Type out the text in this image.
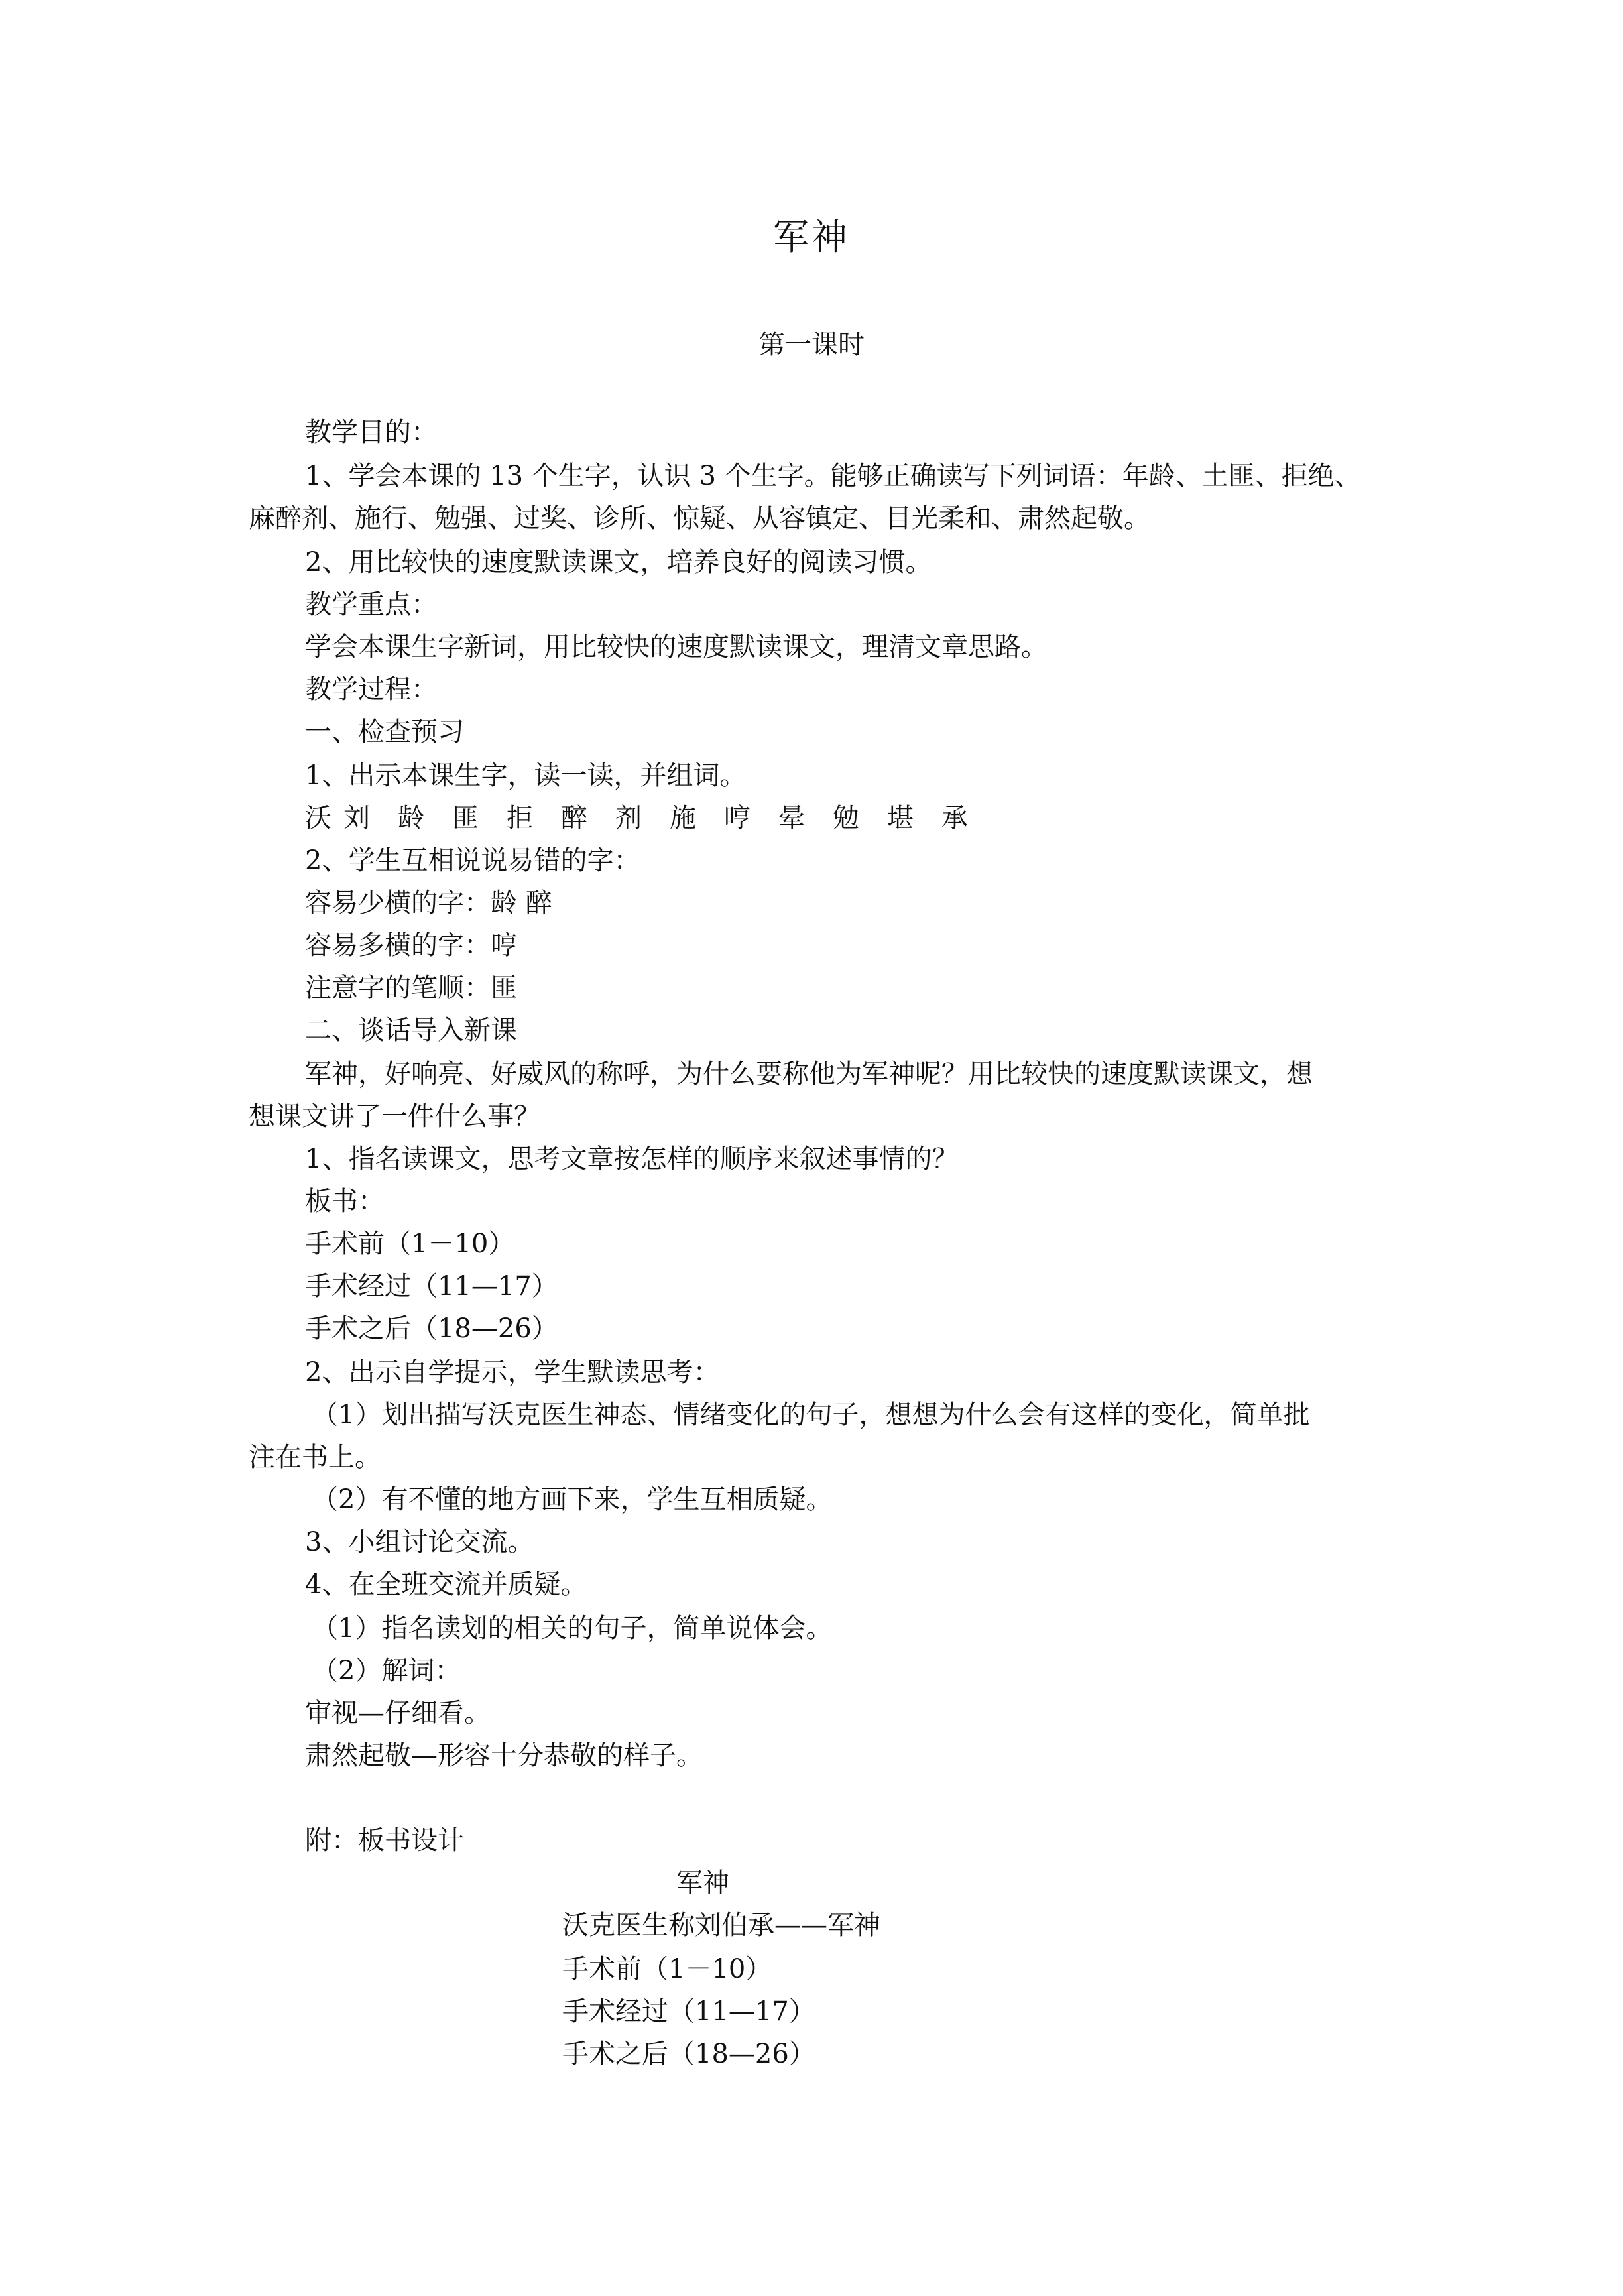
军神
第一课时
教学目的：
1、学会本课的 13 个生字，认识 3 个生字。能够正确读写下列词语：年龄、土匪、拒绝、
麻醉剂、施行、勉强、过奖、诊所、惊疑、从容镇定、目光柔和、肃然起敬。
2、用比较快的速度默读课文，培养良好的阅读习惯。
教学重点：
学会本课生字新词，用比较快的速度默读课文，理清文章思路。
教学过程：
一、检查预习
1、出示本课生字，读一读，并组词。
沃 刘 龄 匪 拒 醉 剂 施 哼 晕 勉 堪 承
2、学生互相说说易错的字：
容易少横的字：龄 醉
容易多横的字：哼
注意字的笔顺：匪
二、谈话导入新课
军神，好响亮、好威风的称呼，为什么要称他为军神呢？用比较快的速度默读课文，想
想课文讲了一件什么事？
1、指名读课文，思考文章按怎样的顺序来叙述事情的？
板书：
手术前（1－10）
手术经过（11—17）
手术之后（18—26）
2、出示自学提示，学生默读思考：
（1）划出描写沃克医生神态、情绪变化的句子，想想为什么会有这样的变化，简单批
注在书上。
（2）有不懂的地方画下来，学生互相质疑。
3、小组讨论交流。
4、在全班交流并质疑。
（1）指名读划的相关的句子，简单说体会。
（2）解词：
审视—仔细看。
肃然起敬—形容十分恭敬的样子。
附：板书设计
军神
沃克医生称刘伯承——军神
手术前（1－10）
手术经过（11—17）
手术之后（18—26）
